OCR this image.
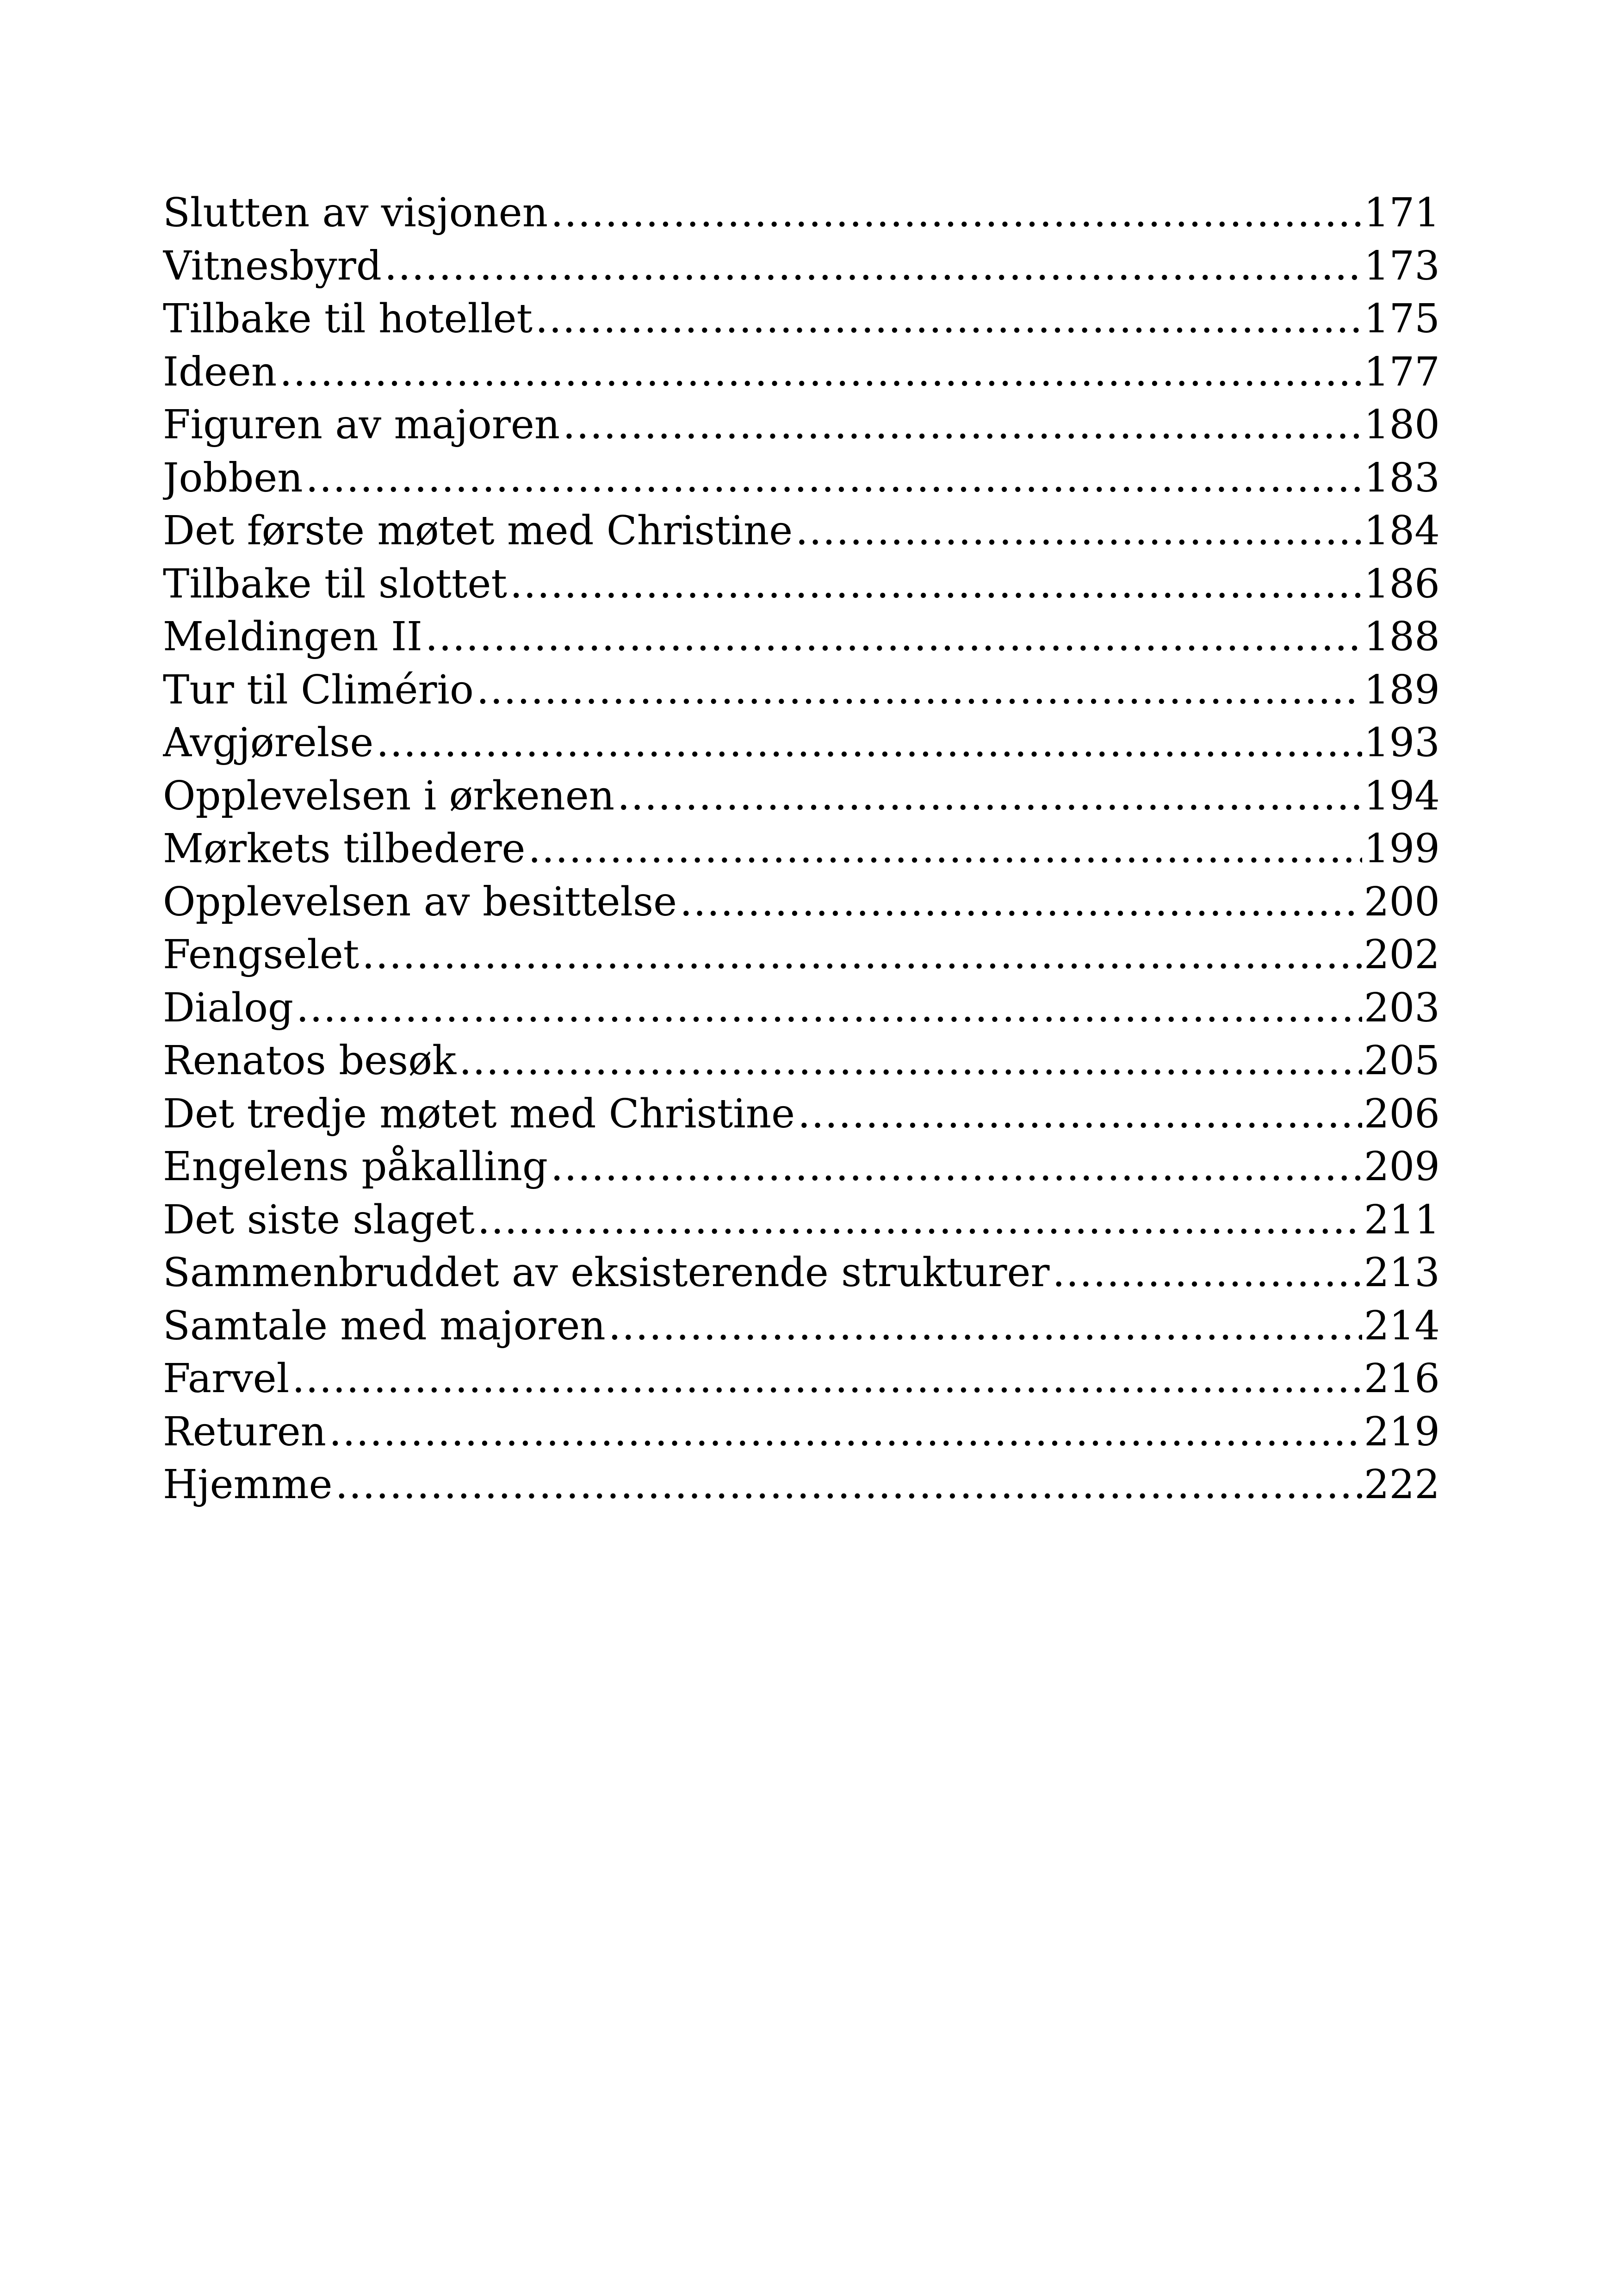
Slutten av visjonen .....	171
Vitnesbyrd .....	173
Tilbake til hotellet .....	175
Ideen .....	177
Figuren av majoren .....	180
Jobben .....	183
Det første møtet med Christine .....	184
Tilbake til slottet .....	186
Meldingen II .....	188
Tur til Climério .....	189
Avgjørelse .....	193
Opplevelsen i ørkenen .....	194
Mørkets tilbedere .....	199
Opplevelsen av besittelse .....	200
Fengselet .....	202
Dialog .....	203
Renatos besøk .....	205
Det tredje møtet med Christine .....	206
Engelens påkalling .....	209
Det siste slaget .....	211
Sammenbruddet av eksisterende strukturer .....	213
Samtale med majoren .....	214
Farvel .....	216
Returen .....	219
Hjemme .....	222
